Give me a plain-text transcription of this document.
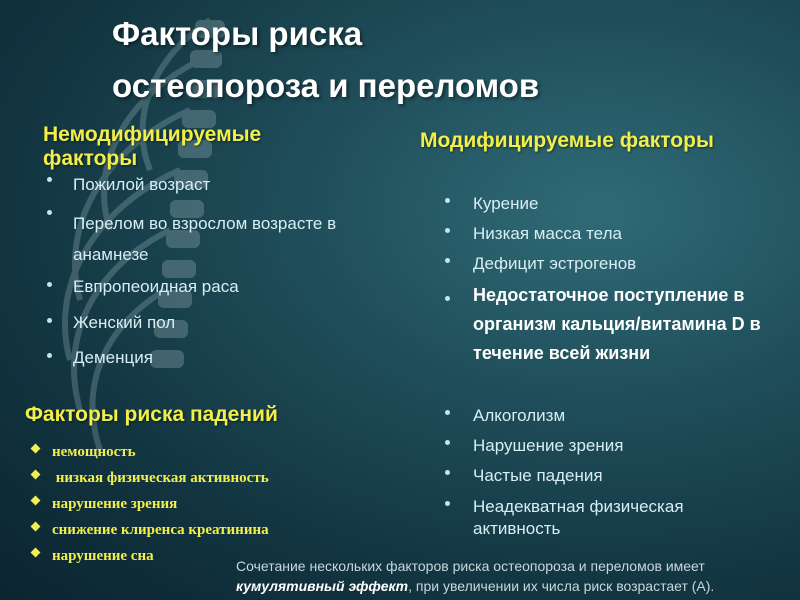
Факторы риска
остеопороза и переломов
Немодифицируемые факторы
Пожилой возраст
Перелом во взрослом возрасте в анамнезе
Евпропеоидная раса
Женский пол
Деменция
Модифицируемые факторы
Курение
Низкая масса тела
Дефицит эстрогенов
Недостаточное поступление в организм кальция/витамина D в течение всей жизни
Алкоголизм
Нарушение зрения
Частые падения
Неадекватная физическая активность
Факторы риска падений
немощность
низкая физическая активность
нарушение зрения
снижение клиренса креатинина
нарушение сна
Сочетание нескольких факторов риска остеопороза и переломов имеет
кумулятивный эффект, при увеличении их числа риск возрастает (A).
